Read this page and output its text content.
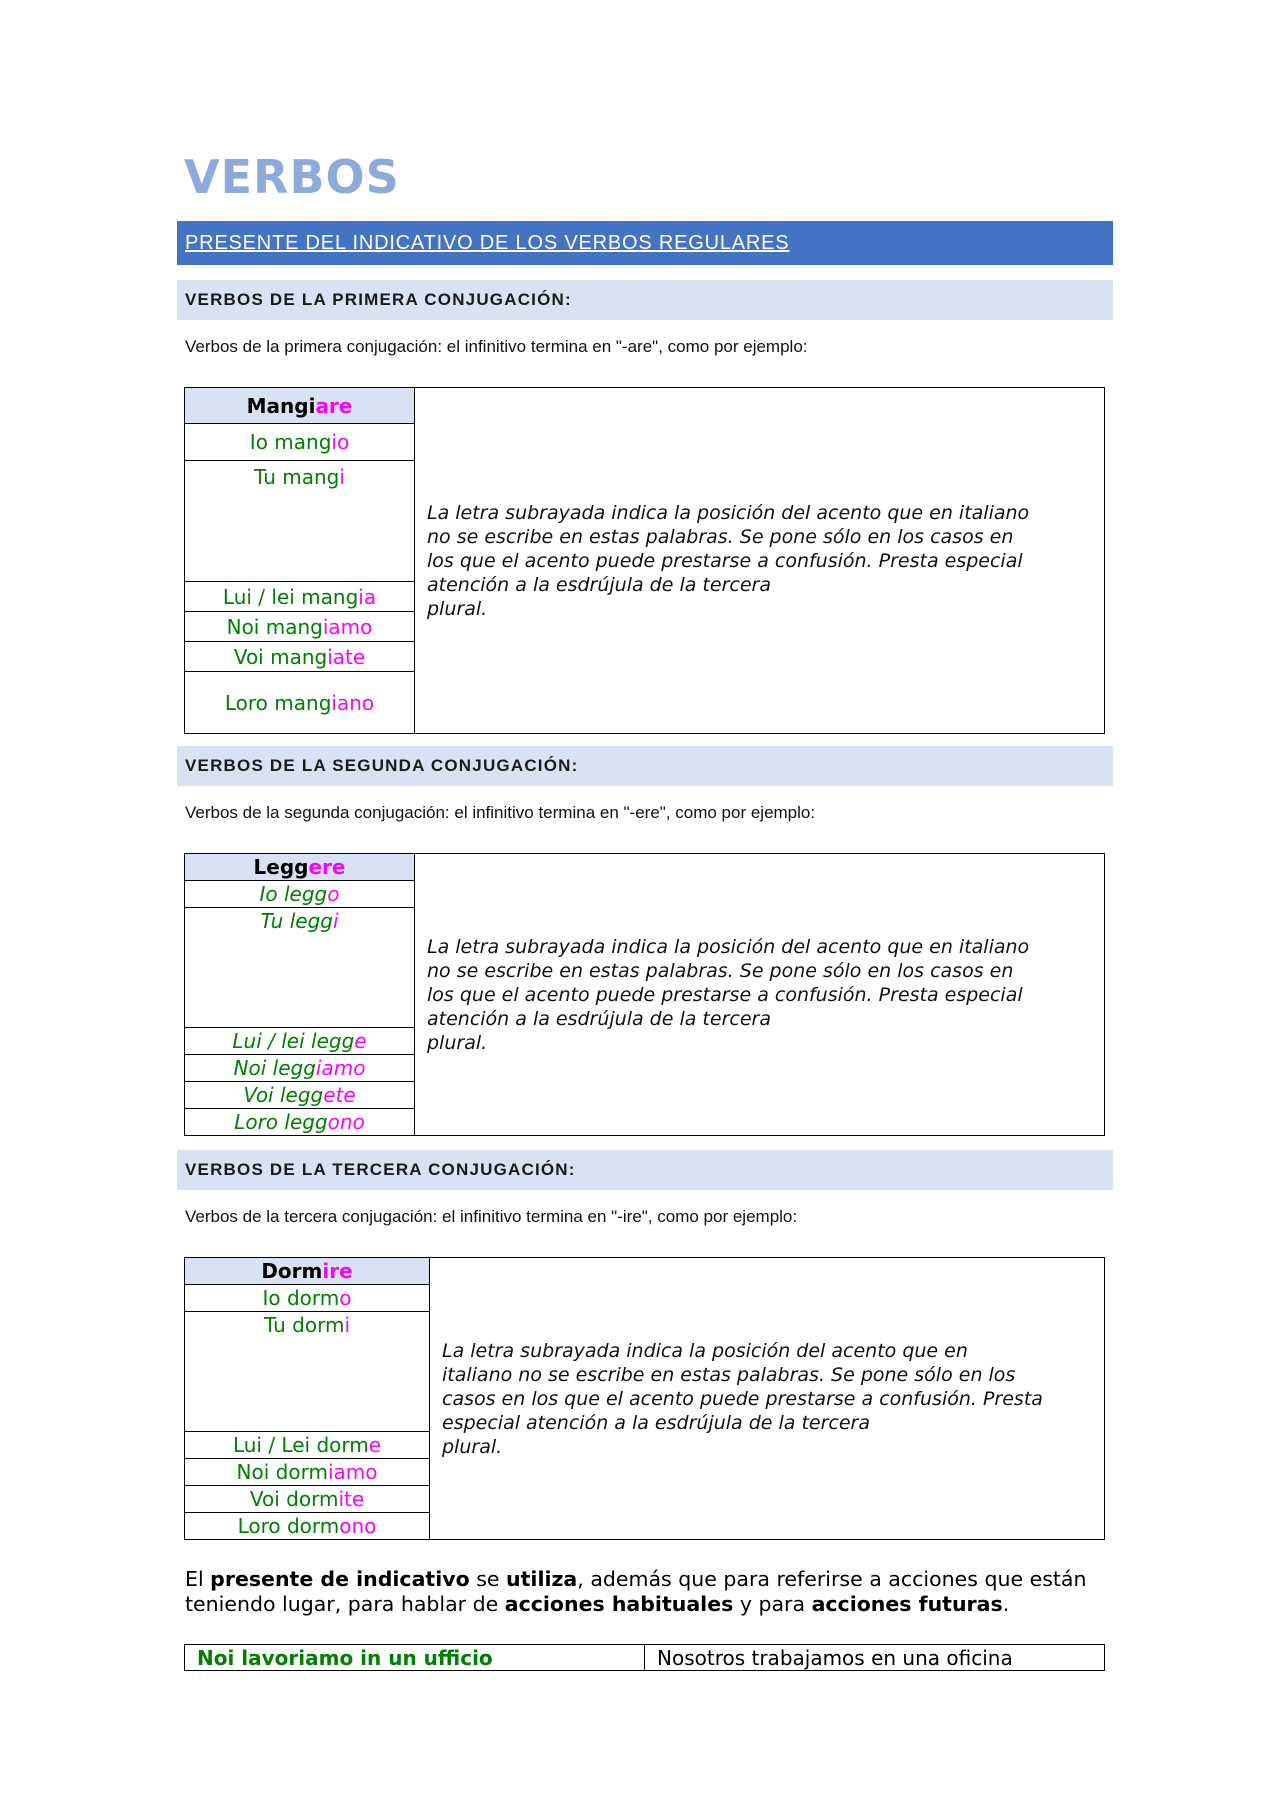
VERBOS
PRESENTE DEL INDICATIVO DE LOS VERBOS REGULARES
VERBOS DE LA PRIMERA CONJUGACIÓN:

Verbos de la primera conjugación: el infinitivo termina en "-are", como por ejemplo:

Mangiare	
La letra subrayada indica la posición del acento que en italiano
no se escribe en estas palabras. Se pone sólo en los casos en
los que el acento puede prestarse a confusión. Presta especial
atención a la esdrújula de la tercera
plural.

Io mangio
Tu mangi
Lui / lei mangia
Noi mangiamo
Voi mangiate
Loro mangiano
VERBOS DE LA SEGUNDA CONJUGACIÓN:

Verbos de la segunda conjugación: el infinitivo termina en "-ere", como por ejemplo:

Leggere	
La letra subrayada indica la posición del acento que en italiano
no se escribe en estas palabras. Se pone sólo en los casos en
los que el acento puede prestarse a confusión. Presta especial
atención a la esdrújula de la tercera
plural.

Io leggo
Tu leggi
Lui / lei legge
Noi leggiamo
Voi leggete
Loro leggono
VERBOS DE LA TERCERA CONJUGACIÓN:

Verbos de la tercera conjugación: el infinitivo termina en "-ire", como por ejemplo:

Dormire	
La letra subrayada indica la posición del acento que en
italiano no se escribe en estas palabras. Se pone sólo en los
casos en los que el acento puede prestarse a confusión. Presta
especial atención a la esdrújula de la tercera
plural.

Io dormo
Tu dormi
Lui / Lei dorme
Noi dormiamo
Voi dormite
Loro dormono

El presente de indicativo se utiliza, además que para referirse a acciones que están teniendo lugar, para hablar de acciones habituales y para acciones futuras.

Noi lavoriamo in un ufficio	Nosotros trabajamos en una oficina
